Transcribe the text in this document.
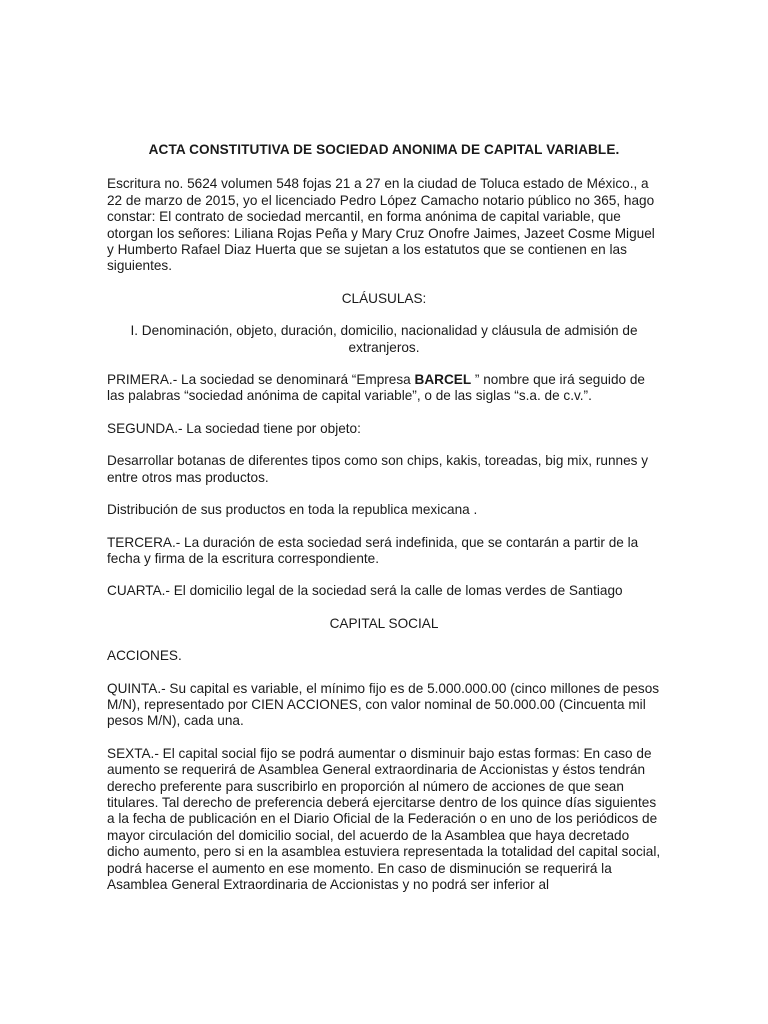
ACTA CONSTITUTIVA DE SOCIEDAD ANONIMA DE CAPITAL VARIABLE.

Escritura no. 5624 volumen 548 fojas 21 a 27 en la ciudad de Toluca estado de México., a 22 de marzo de 2015, yo el licenciado Pedro López Camacho notario público no 365, hago constar: El contrato de sociedad mercantil, en forma anónima de capital variable, que otorgan los señores: Liliana Rojas Peña y Mary Cruz Onofre Jaimes, Jazeet Cosme Miguel y Humberto Rafael Diaz Huerta que se sujetan a los estatutos que se contienen en las siguientes.

CLÁUSULAS:

I. Denominación, objeto, duración, domicilio, nacionalidad y cláusula de admisión de extranjeros.

PRIMERA.- La sociedad se denominará “Empresa BARCEL ” nombre que irá seguido de las palabras “sociedad anónima de capital variable”, o de las siglas “s.a. de c.v.”.

SEGUNDA.- La sociedad tiene por objeto:

Desarrollar botanas de diferentes tipos como son chips, kakis, toreadas, big mix, runnes y entre otros mas productos.

Distribución de sus productos en toda la republica mexicana .

TERCERA.- La duración de esta sociedad será indefinida, que se contarán a partir de la fecha y firma de la escritura correspondiente.

CUARTA.- El domicilio legal de la sociedad será la calle de lomas verdes de Santiago

CAPITAL SOCIAL

ACCIONES.

QUINTA.- Su capital es variable, el mínimo fijo es de 5.000.000.00 (cinco millones de pesos M/N), representado por CIEN ACCIONES, con valor nominal de 50.000.00 (Cincuenta mil pesos M/N), cada una.

SEXTA.- El capital social fijo se podrá aumentar o disminuir bajo estas formas: En caso de aumento se requerirá de Asamblea General extraordinaria de Accionistas y éstos tendrán derecho preferente para suscribirlo en proporción al número de acciones de que sean titulares. Tal derecho de preferencia deberá ejercitarse dentro de los quince días siguientes a la fecha de publicación en el Diario Oficial de la Federación o en uno de los periódicos de mayor circulación del domicilio social, del acuerdo de la Asamblea que haya decretado dicho aumento, pero si en la asamblea estuviera representada la totalidad del capital social, podrá hacerse el aumento en ese momento. En caso de disminución se requerirá la Asamblea General Extraordinaria de Accionistas y no podrá ser inferior al
